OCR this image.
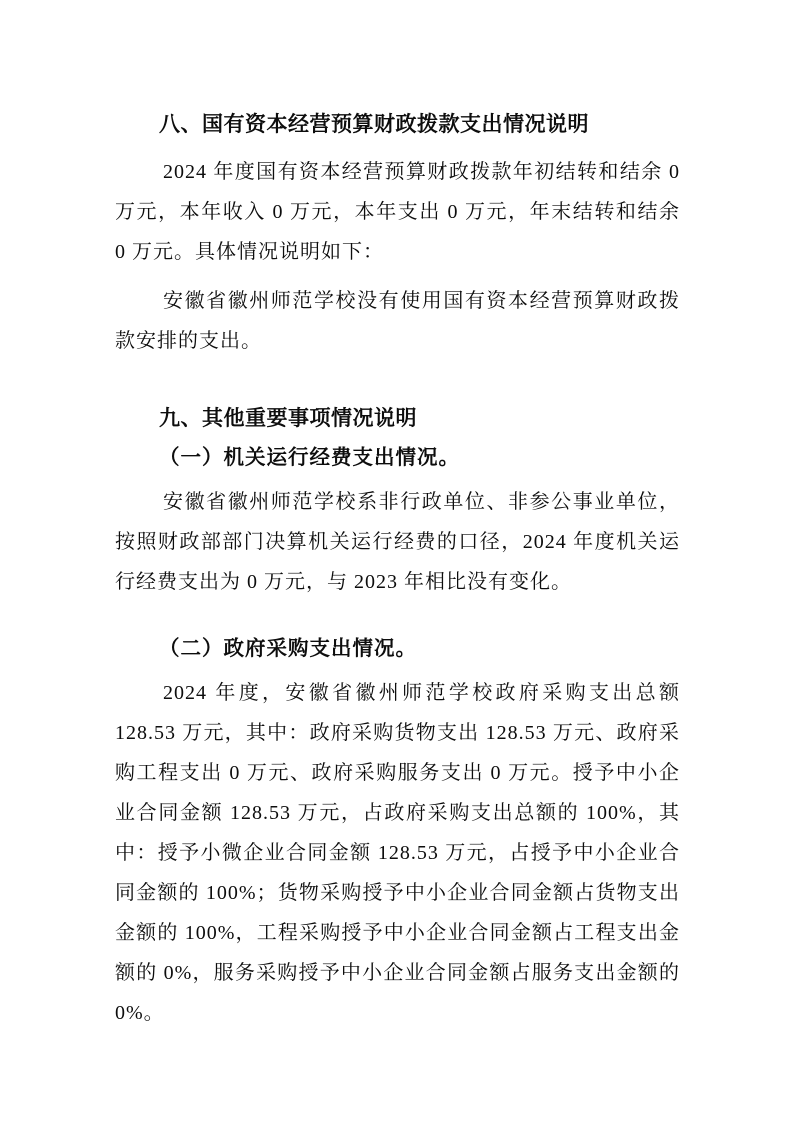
八、国有资本经营预算财政拨款支出情况说明

2024 年度国有资本经营预算财政拨款年初结转和结余 0 万元，本年收入 0 万元，本年支出 0 万元，年末结转和结余 0 万元。具体情况说明如下：

安徽省徽州师范学校没有使用国有资本经营预算财政拨款安排的支出。

九、其他重要事项情况说明
（一）机关运行经费支出情况。

安徽省徽州师范学校系非行政单位、非参公事业单位，按照财政部部门决算机关运行经费的口径，2024 年度机关运行经费支出为 0 万元，与 2023 年相比没有变化。

（二）政府采购支出情况。

2024 年度，安徽省徽州师范学校政府采购支出总额 128.53 万元，其中：政府采购货物支出 128.53 万元、政府采购工程支出 0 万元、政府采购服务支出 0 万元。授予中小企业合同金额 128.53 万元，占政府采购支出总额的 100%，其中：授予小微企业合同金额 128.53 万元，占授予中小企业合同金额的 100%；货物采购授予中小企业合同金额占货物支出金额的 100%，工程采购授予中小企业合同金额占工程支出金额的 0%，服务采购授予中小企业合同金额占服务支出金额的 0%。
